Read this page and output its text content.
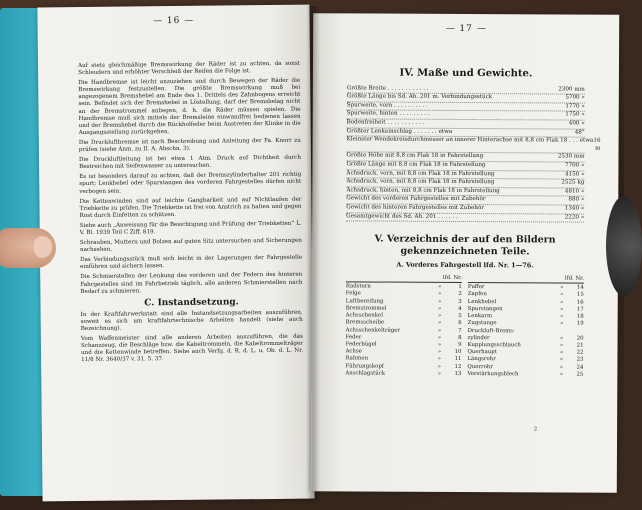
— 16 —

Auf stets gleichmäßige Bremswirkung der Räder ist zu achten, da sonst Schleudern und erhöhter Verschleiß der Reifen die Folge ist.

Die Handbremse ist leicht anzuziehen und durch Bewegen der Räder die Bremswirkung festzustellen. Die größte Bremswirkung muß bei angezogenem Bremshebel am Ende des 1. Drittels des Zahnbogens erreicht sein. Befindet sich der Bremshebel in Löstellung, darf der Bremsbelag nicht an der Bremstrommel anliegen, d. h. die Räder müssen spielen. Die Handbremse muß sich mittels der Bremsleine einwandfrei bedienen lassen und der Bremshebel durch die Rückholfeder beim Austreten der Klinke in die Ausgangsstellung zurückgehen.

Die Druckluftbremse ist nach Beschreibung und Anleitung der Fa. Knorr zu prüfen (siehe Anm. zu II. A. Abschn. 3).

Die Druckluftleitung ist bei etwa 1 Atm. Druck auf Dichtheit durch Bestreichen mit Seifenwasser zu untersuchen.

Es ist besonders darauf zu achten, daß der Bremszylinderhalter 201 richtig spurt; Lenkhebel oder Spurstangen des vorderen Fahrgestelles dürfen nicht verbogen sein.

Die Kettenwinden sind auf leichte Gangbarkeit und auf Nichtlaufen der Triebkette zu prüfen. Die Triebkette ist frei von Anstrich zu halten und gegen Rost durch Einfetten zu schützen.

Siehe auch „Anweisung für die Besichtigung und Prüfung der Triebketten“ L. V. Bl. 1939 Teil C Ziff. 819.

Schrauben, Muttern und Bolzen auf guten Sitz untersuchen und Sicherungen nachsehen.

Das Verbindungsstück muß sich leicht in der Lagerungen der Fahrgestelle einführen und sichern lassen.

Die Schmierstellen der Lenkung des vorderen und der Federn des hinteren Fahrgestelles sind im Fahrbetrieb täglich, alle anderen Schmierstellen nach Bedarf zu schmieren.

C. Instandsetzung.

In der Kraftfahrwerkstatt sind alle Instandsetzungsarbeiten auszuführen, soweit es sich um kraftfahrtechnische Arbeiten handelt (siehe auch Bezeichnung).

Vom Waffenmeister sind alle anderen Arbeiten auszuführen, die das Schanzzeug, die Beschläge bzw. die Kabeltrommeln, die Kabeltrommelträger und die Kettenwinde betreffen. Siehe auch Verfg. d. R. d. L. u. Ob. d. L. Nr. 11/8 Nr. 3640/37 v. 31. 5. 37.

— 17 —
IV. Maße und Gewichte.
Größte Breite . . . . . . . . . . . .	2300 mm
Größte Länge bis Sd. Ah. 201 m. Verbindungsstück	5700 »
Spurweite, vorn . . . . . . . . . .	1770 »
Spurweite, hinten . . . . . . . . .	1750 »
Bodenfreiheit . . . . . . . . . . .	400 »
Größter Lenkeinschlag . . . . . . . etwa	48°
Kleinster Wendekreisdurchmesser an innerer Hinterachse mit 8,8 cm Flak 18 . . . etwa 16 m
Größte Höhe mit 8,8 cm Flak 18 in Fahrstellung	2530 mm
Größte Länge mit 8,8 cm Flak 18 in Fahrstellung	7700 »
Achsdruck, vorn, mit 8,8 cm Flak 18 in Fahrstellung	4150 »
Achsdruck, vorn, mit 8,8 cm Flak 18 in Fahrstellung	2525 kg
Achsdruck, hinten, mit 8,8 cm Flak 18 in Fahrstellung	4810 »
Gewicht des vorderen Fahrgestelles mit Zubehör	880 »
Gewicht des hinteren Fahrgestelles mit Zubehör	1340 »
Gesamtgewicht des Sd. Ah. 201 . . . . . .	2220 »
V. Verzeichnis der auf den Bildern gekennzeichneten Teile.
A. Vorderes Fahrgestell lfd. Nr. 1—76.
lfd. Nr.
Radstern	»	1
Felge	»	2
Luftbereifung	»	3
Bremstrommel	»	4
Achsschenkel	»	5
Bremsscheibe	»	6
Achsschenkelträger	»	7
Feder	»	8
Federbügel	»	9
Achse	»	10
Rahmen	»	11
Führungskopf	»	12
Anschlagstück	»	13
lfd. Nr.
Puffer	»	14
Zapfen	»	15
Lenkhebel	»	16
Spurstangen	»	17
Lenkarm	»	18
Zugstange	»	19
Druckluft-Brems-
zylinder	»	20
Kupplungsschlauch	»	21
Querhaupt	»	22
Längsrohr	»	23
Querrohr	»	24
Verstärkungsblech	»	25
2
